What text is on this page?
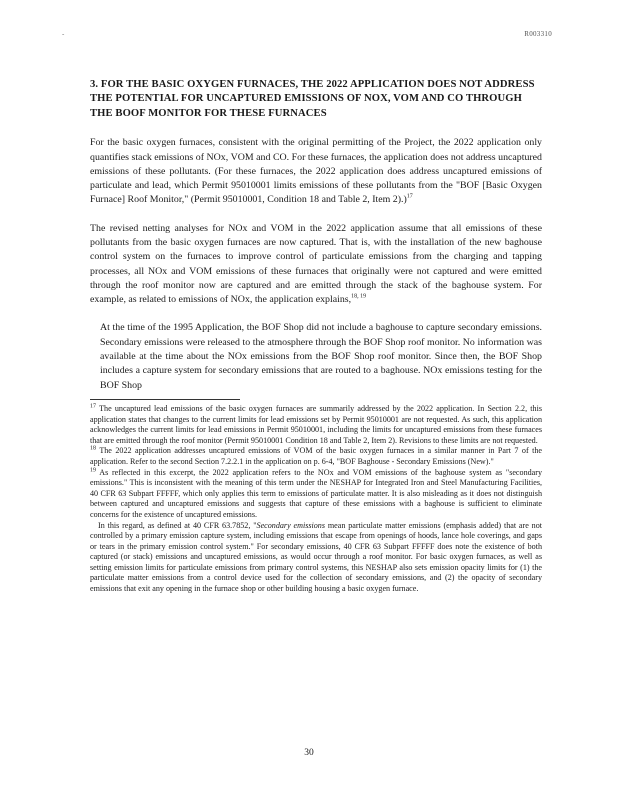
-	R003310
3. FOR THE BASIC OXYGEN FURNACES, THE 2022 APPLICATION DOES NOT ADDRESS THE POTENTIAL FOR UNCAPTURED EMISSIONS OF NOX, VOM AND CO THROUGH THE BOOF MONITOR FOR THESE FURNACES

For the basic oxygen furnaces, consistent with the original permitting of the Project, the 2022 application only quantifies stack emissions of NOx, VOM and CO. For these furnaces, the application does not address uncaptured emissions of these pollutants. (For these furnaces, the 2022 application does address uncaptured emissions of particulate and lead, which Permit 95010001 limits emissions of these pollutants from the "BOF [Basic Oxygen Furnace] Roof Monitor," (Permit 95010001, Condition 18 and Table 2, Item 2).)$^{17}$

The revised netting analyses for NOx and VOM in the 2022 application assume that all emissions of these pollutants from the basic oxygen furnaces are now captured. That is, with the installation of the new baghouse control system on the furnaces to improve control of particulate emissions from the charging and tapping processes, all NOx and VOM emissions of these furnaces that originally were not captured and were emitted through the roof monitor now are captured and are emitted through the stack of the baghouse system. For example, as related to emissions of NOx, the application explains,$^{18, 19}$

At the time of the 1995 Application, the BOF Shop did not include a baghouse to capture secondary emissions. Secondary emissions were released to the atmosphere through the BOF Shop roof monitor. No information was available at the time about the NOx emissions from the BOF Shop roof monitor. Since then, the BOF Shop includes a capture system for secondary emissions that are routed to a baghouse. NOx emissions testing for the BOF Shop

$^{17}$ The uncaptured lead emissions of the basic oxygen furnaces are summarily addressed by the 2022 application. In Section 2.2, this application states that changes to the current limits for lead emissions set by Permit 95010001 are not requested. As such, this application acknowledges the current limits for lead emissions in Permit 95010001, including the limits for uncaptured emissions from these furnaces that are emitted through the roof monitor (Permit 95010001 Condition 18 and Table 2, Item 2). Revisions to these limits are not requested.

$^{18}$ The 2022 application addresses uncaptured emissions of VOM of the basic oxygen furnaces in a similar manner in Part 7 of the application. Refer to the second Section 7.2.2.1 in the application on p. 6-4, "BOF Baghouse - Secondary Emissions (New)."

$^{19}$ As reflected in this excerpt, the 2022 application refers to the NOx and VOM emissions of the baghouse system as "secondary emissions." This is inconsistent with the meaning of this term under the NESHAP for Integrated Iron and Steel Manufacturing Facilities, 40 CFR 63 Subpart FFFFF, which only applies this term to emissions of particulate matter. It is also misleading as it does not distinguish between captured and uncaptured emissions and suggests that capture of these emissions with a baghouse is sufficient to eliminate concerns for the existence of uncaptured emissions.

In this regard, as defined at 40 CFR 63.7852, "Secondary emissions mean particulate matter emissions (emphasis added) that are not controlled by a primary emission capture system, including emissions that escape from openings of hoods, lance hole coverings, and gaps or tears in the primary emission control system." For secondary emissions, 40 CFR 63 Subpart FFFFF does note the existence of both captured (or stack) emissions and uncaptured emissions, as would occur through a roof monitor. For basic oxygen furnaces, as well as setting emission limits for particulate emissions from primary control systems, this NESHAP also sets emission opacity limits for (1) the particulate matter emissions from a control device used for the collection of secondary emissions, and (2) the opacity of secondary emissions that exit any opening in the furnace shop or other building housing a basic oxygen furnace.

30
